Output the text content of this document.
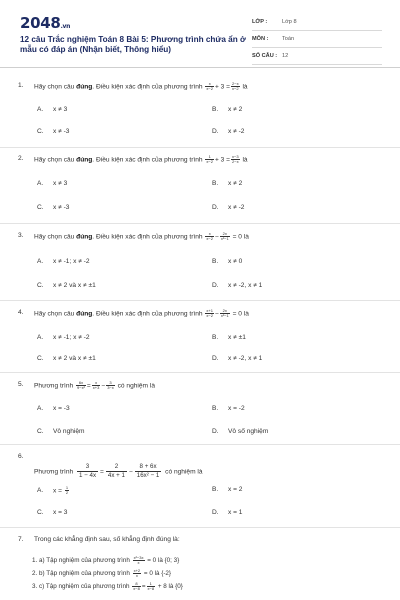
2048.vn
12 câu Trắc nghiệm Toán 8 Bài 5: Phương trình chứa ẩn ở mẫu có đáp án (Nhận biết, Thông hiểu)
LỚP :	Lớp 8
MÔN : Toán
SỐ CÂU : 12
1. Hãy chọn câu đúng. Điều kiện xác định của phương trình $\frac{x}{x-2} + 3 = \frac{2-x}{x-2}$ là
A. x ≠ 3	B. x ≠ 2
C. x ≠ -3	D. x ≠ -2
2. Hãy chọn câu đúng. Điều kiện xác định của phương trình $\frac{1}{x-2} + 3 = \frac{x-3}{2-x}$ là
A. x ≠ 3	B. x ≠ 2
C. x ≠ -3	D. x ≠ -2
3. Hãy chọn câu đúng. Điều kiện xác định của phương trình $\frac{x}{x-2} - \frac{2x}{\text{x²−1}} = 0$ là
A. x ≠ -1; x ≠ -2	B. x ≠ 0
C. x ≠ 2 và x ≠ ±1	D. x ≠ -2, x ≠ 1
4. Hãy chọn câu đúng. Điều kiện xác định của phương trình $\frac{x+1}{x-2} - \frac{2x}{\text{x²−1}} = 0$ là
A. x ≠ -1; x ≠ -2	B. x ≠ ±1
C. x ≠ 2 và x ≠ ±1	D. x ≠ -2, x ≠ 1
5. Phương trình $\frac{6x}{\text{9−x²}} = \frac{x}{x+3} - \frac{3}{3-x}$ có nghiệm là
A. x = -3	B. x = -2
C. Vô nghiệm	D. Vô số nghiệm
6.
Phương trình $\frac{3}{1 - 4x} = \frac{2}{4x + 1} - \frac{8 + 6x}{\text{16x² − 1}}$ có nghiệm là
A. $x = \frac{1}{2}$	B. x = 2
C. x = 3	D. x = 1
7. Trong các khẳng định sau, số khẳng định đúng là:
1. a) Tập nghiệm của phương trình $\frac{\text{x²−3x}}{x} = 0$ là {0; 3}
2. b) Tập nghiệm của phương trình $\frac{x+2}{x} = 0$ là {-2}
3. c) Tập nghiệm của phương trình $\frac{8}{x-8} = \frac{1}{x-8} + 8$ là {0}
